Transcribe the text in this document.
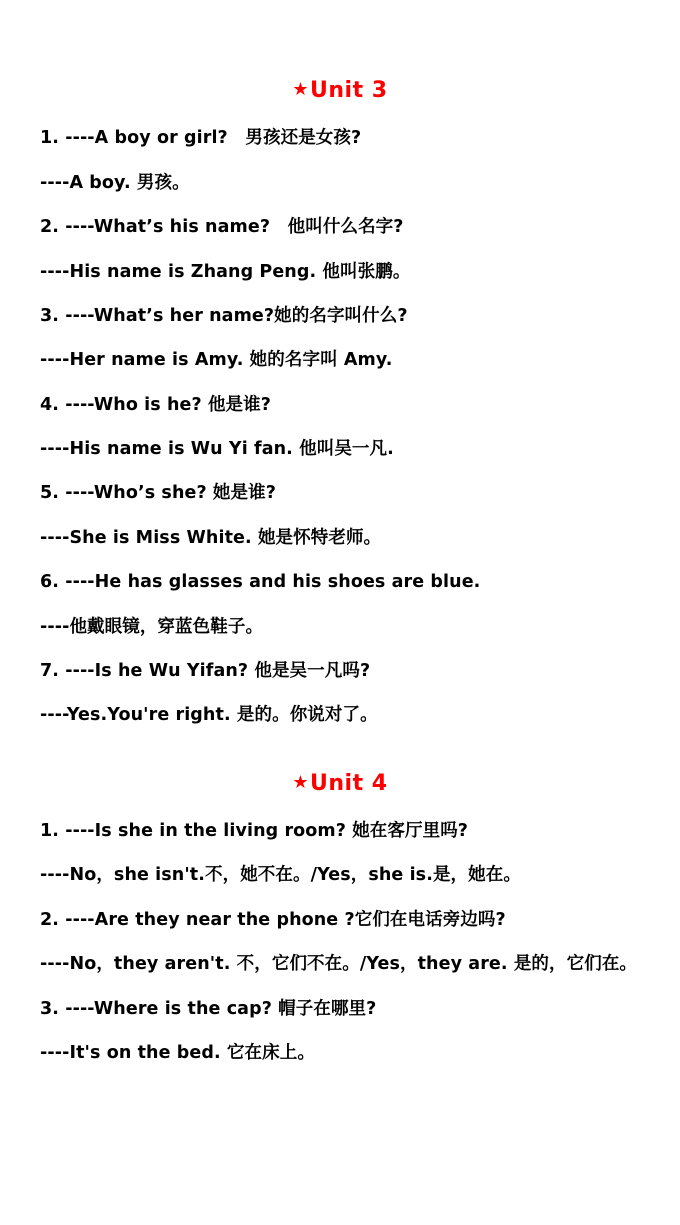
★Unit 3

1. ----A boy or girl?　男孩还是女孩?

----A boy. 男孩。

2. ----What’s his name?　他叫什么名字?

----His name is Zhang Peng. 他叫张鹏。

3. ----What’s her name?她的名字叫什么?

----Her name is Amy. 她的名字叫 Amy.

4. ----Who is he? 他是谁?

----His name is Wu Yi fan. 他叫吴一凡.

5. ----Who’s she? 她是谁?

----She is Miss White. 她是怀特老师。

6. ----He has glasses and his shoes are blue.

----他戴眼镜，穿蓝色鞋子。

7. ----Is he Wu Yifan? 他是吴一凡吗?

----Yes.You're right. 是的。你说对了。

★Unit 4

1. ----Is she in the living room? 她在客厅里吗?

----No，she isn't.不，她不在。/Yes，she is.是，她在。

2. ----Are they near the phone ?它们在电话旁边吗?

----No，they aren't. 不，它们不在。/Yes，they are. 是的，它们在。

3. ----Where is the cap? 帽子在哪里?

----It's on the bed. 它在床上。
